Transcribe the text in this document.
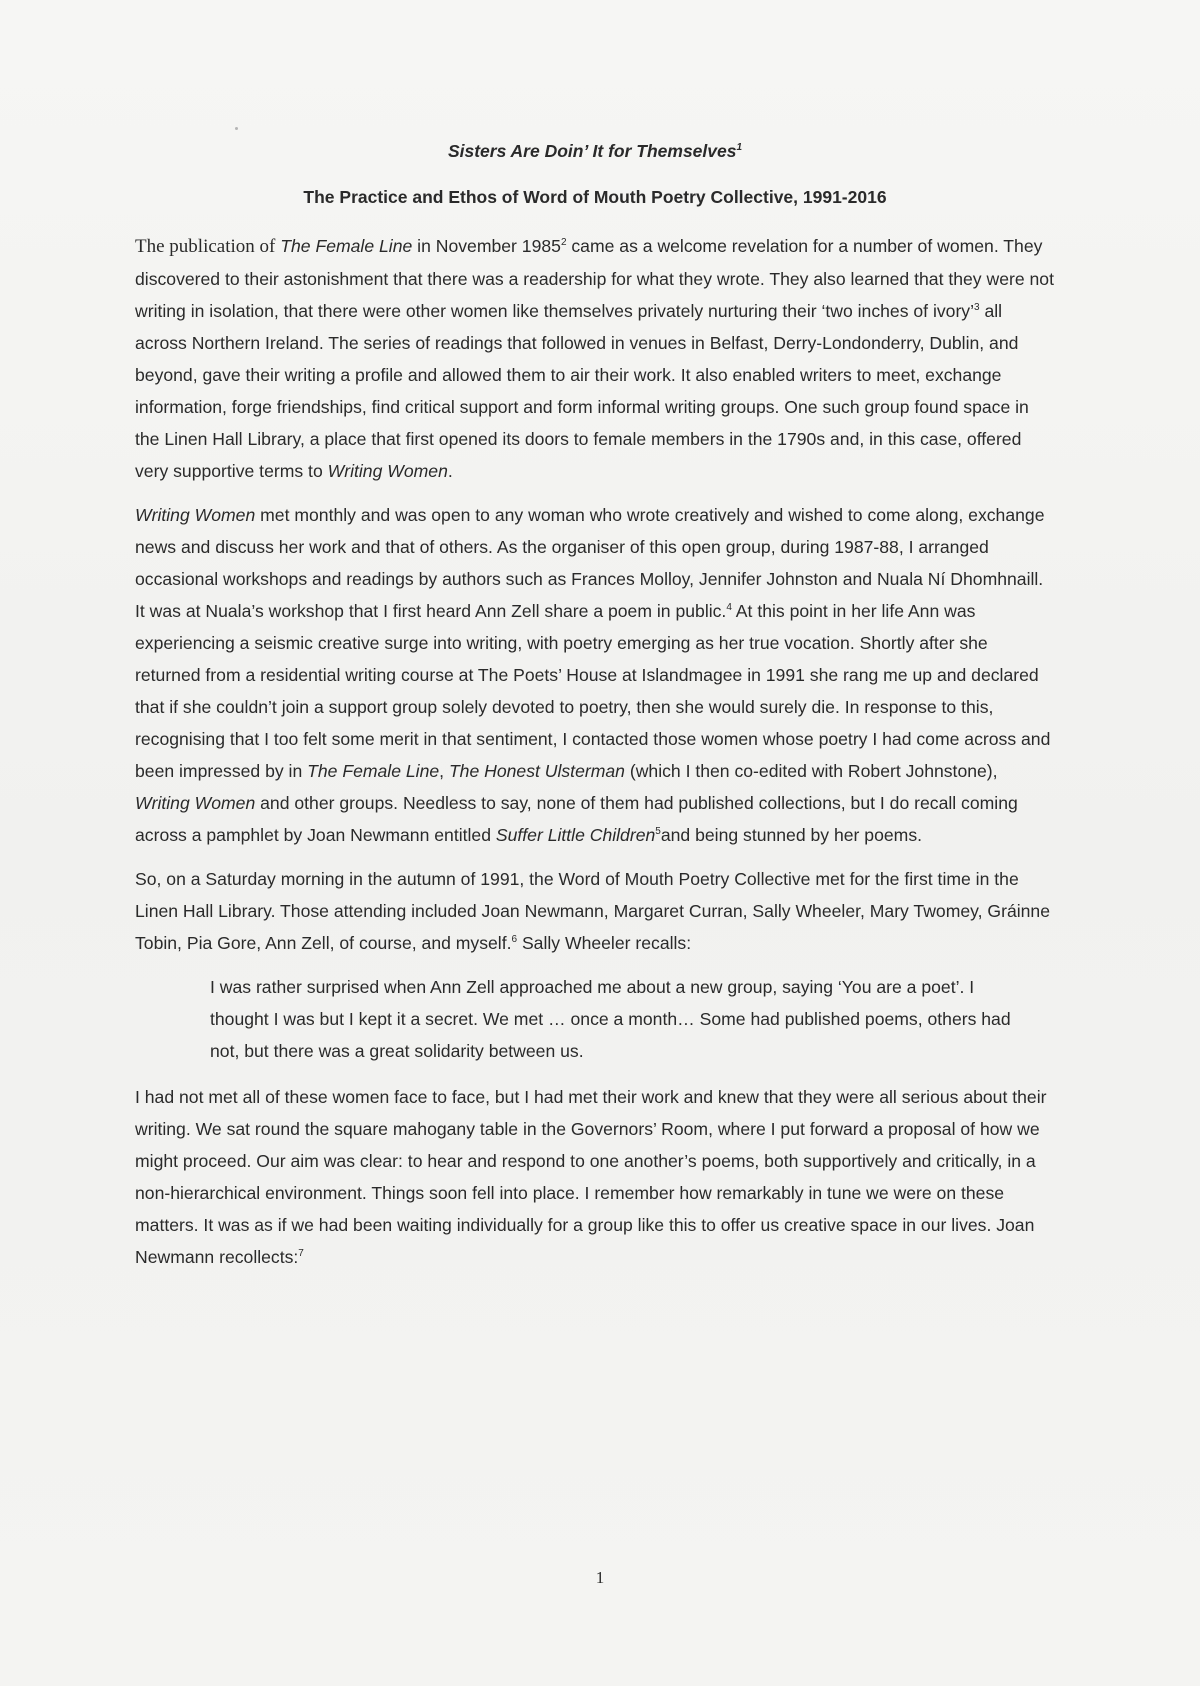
Sisters Are Doin’ It for Themselves$^1$
The Practice and Ethos of Word of Mouth Poetry Collective, 1991-2016

The publication of The Female Line in November 1985$^2$ came as a welcome revelation for a number of women. They discovered to their astonishment that there was a readership for what they wrote. They also learned that they were not writing in isolation, that there were other women like themselves privately nurturing their ‘two inches of ivory’$^3$ all across Northern Ireland. The series of readings that followed in venues in Belfast, Derry-Londonderry, Dublin, and beyond, gave their writing a profile and allowed them to air their work. It also enabled writers to meet, exchange information, forge friendships, find critical support and form informal writing groups. One such group found space in the Linen Hall Library, a place that first opened its doors to female members in the 1790s and, in this case, offered very supportive terms to Writing Women.

Writing Women met monthly and was open to any woman who wrote creatively and wished to come along, exchange news and discuss her work and that of others. As the organiser of this open group, during 1987-88, I arranged occasional workshops and readings by authors such as Frances Molloy, Jennifer Johnston and Nuala Ní Dhomhnaill. It was at Nuala’s workshop that I first heard Ann Zell share a poem in public.$^4$ At this point in her life Ann was experiencing a seismic creative surge into writing, with poetry emerging as her true vocation. Shortly after she returned from a residential writing course at The Poets’ House at Islandmagee in 1991 she rang me up and declared that if she couldn’t join a support group solely devoted to poetry, then she would surely die. In response to this, recognising that I too felt some merit in that sentiment, I contacted those women whose poetry I had come across and been impressed by in The Female Line, The Honest Ulsterman (which I then co-edited with Robert Johnstone), Writing Women and other groups. Needless to say, none of them had published collections, but I do recall coming across a pamphlet by Joan Newmann entitled Suffer Little Children$^5$and being stunned by her poems.

So, on a Saturday morning in the autumn of 1991, the Word of Mouth Poetry Collective met for the first time in the Linen Hall Library. Those attending included Joan Newmann, Margaret Curran, Sally Wheeler, Mary Twomey, Gráinne Tobin, Pia Gore, Ann Zell, of course, and myself.$^6$ Sally Wheeler recalls:

I was rather surprised when Ann Zell approached me about a new group, saying ‘You are a poet’. I thought I was but I kept it a secret. We met … once a month… Some had published poems, others had not, but there was a great solidarity between us.

I had not met all of these women face to face, but I had met their work and knew that they were all serious about their writing. We sat round the square mahogany table in the Governors’ Room, where I put forward a proposal of how we might proceed. Our aim was clear: to hear and respond to one another’s poems, both supportively and critically, in a non-hierarchical environment. Things soon fell into place. I remember how remarkably in tune we were on these matters. It was as if we had been waiting individually for a group like this to offer us creative space in our lives. Joan Newmann recollects:$^7$

1
